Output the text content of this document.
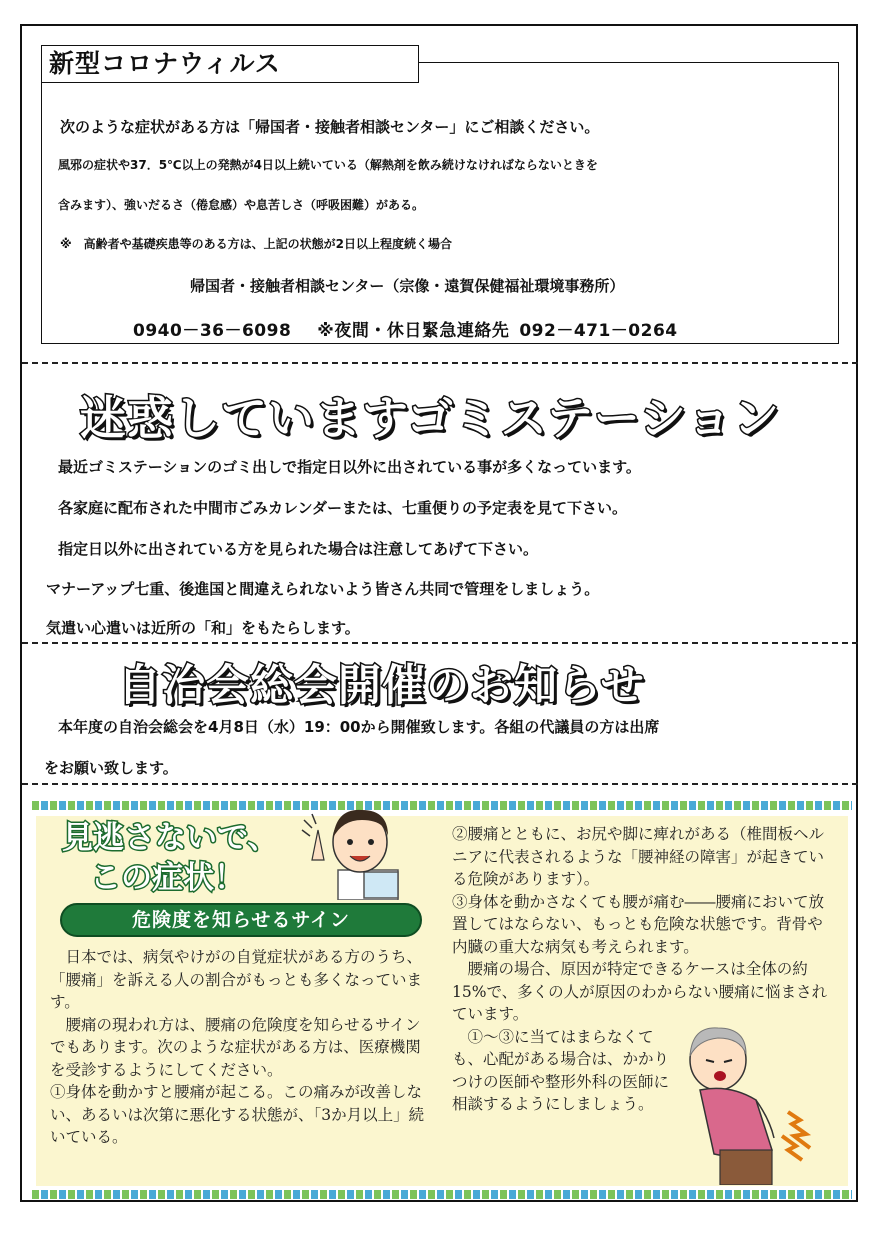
新型コロナウィルス
次のような症状がある方は「帰国者・接触者相談センター」にご相談ください。
風邪の症状や37．5℃以上の発熱が4日以上続いている（解熱剤を飲み続けなければならないときを
含みます）、強いだるさ（倦怠感）や息苦しさ（呼吸困難）がある。
※　高齢者や基礎疾患等のある方は、上記の状態が2日以上程度続く場合
帰国者・接触者相談センター（宗像・遠賀保健福祉環境事務所）
0940－36－6098 ※夜間・休日緊急連絡先 092－471－0264
迷惑していますゴミステーション
最近ゴミステーションのゴミ出しで指定日以外に出されている事が多くなっています。
各家庭に配布された中間市ごみカレンダーまたは、七重便りの予定表を見て下さい。
指定日以外に出されている方を見られた場合は注意してあげて下さい。
マナーアップ七重、後進国と間違えられないよう皆さん共同で管理をしましょう。
気遣い心遣いは近所の「和」をもたらします。
自治会総会開催のお知らせ
本年度の自治会総会を4月8日（水）19：00から開催致します。各組の代議員の方は出席
をお願い致します。
見逃さないで、
この症状！
危険度を知らせるサイン

日本では、病気やけがの自覚症状がある方のうち、「腰痛」を訴える人の割合がもっとも多くなっています。

腰痛の現われ方は、腰痛の危険度を知らせるサインでもあります。次のような症状がある方は、医療機関を受診するようにしてください。

①身体を動かすと腰痛が起こる。この痛みが改善しない、あるいは次第に悪化する状態が、「3か月以上」続いている。

②腰痛とともに、お尻や脚に痺れがある（椎間板ヘルニアに代表されるような「腰神経の障害」が起きている危険があります）。

③身体を動かさなくても腰が痛む――腰痛において放置してはならない、もっとも危険な状態です。背骨や内臓の重大な病気も考えられます。

腰痛の場合、原因が特定できるケースは全体の約15%で、多くの人が原因のわからない腰痛に悩まされています。

①～③に当てはまらなくても、心配がある場合は、かかりつけの医師や整形外科の医師に相談するようにしましょう。
